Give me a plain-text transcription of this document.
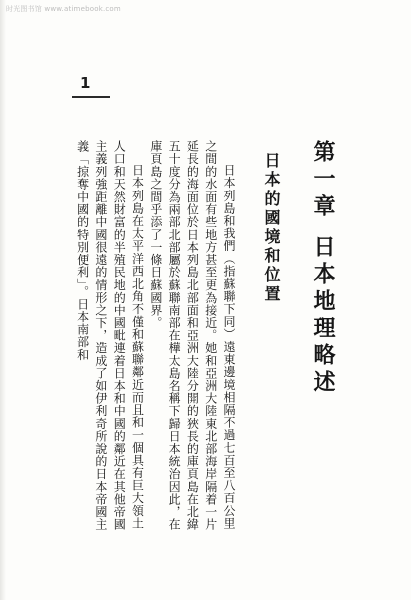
时光图书馆 www.atimebook.com
1
第一章日本地理略述
日本的國境和位置

日本列島和我們（指蘇聯下同）遠東邊境相隔不過七百至八百公里之間的水面有些地方甚至更為接近。她和亞洲大陸東北部海岸隔着一片延長的海面位於日本列島北部面和亞洲大陸分開的狹長的庫頁島在北緯五十度分為兩部北部屬於蘇聯南部在樺太島名稱下歸日本統治因此，在庫頁島之間乎添了一條日蘇國界。

日本列島在太平洋西北角不僅和蘇聯鄰近而且和一個具有巨大領土人口和天然財富的半殖民地的中國毗連着日本和中國的鄰近在其他帝國主義列強距離中國很遠的情形之下，造成了如伊利奇所說的日本帝國主義「掠奪中國的特別便利」。日本南部和
